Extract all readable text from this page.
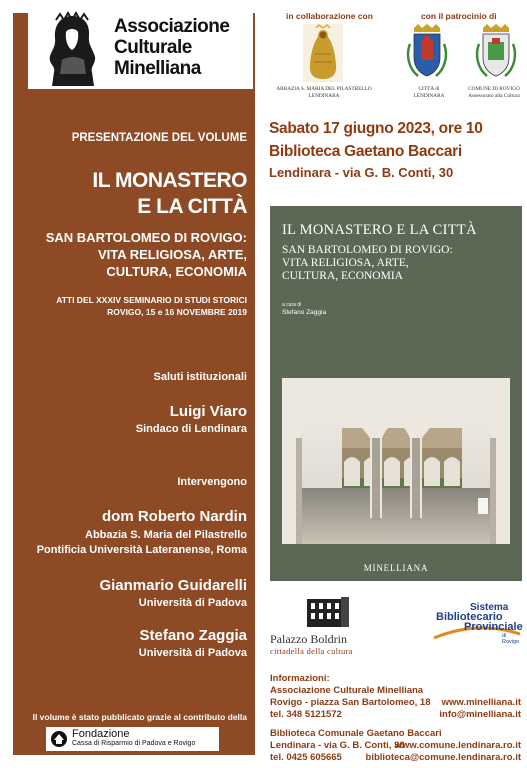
Associazione
Culturale
Minelliana
PRESENTAZIONE DEL VOLUME
IL MONASTERO
E LA CITTÀ
SAN BARTOLOMEO DI ROVIGO:
VITA RELIGIOSA, ARTE,
CULTURA, ECONOMIA
ATTI DEL XXXIV SEMINARIO DI STUDI STORICI
ROVIGO, 15 e 16 NOVEMBRE 2019
Saluti istituzionali
Luigi Viaro
Sindaco di Lendinara
Intervengono
dom Roberto Nardin
Abbazia S. Maria del Pilastrello
Pontificia Università Lateranense, Roma
Gianmario Guidarelli
Università di Padova
Stefano Zaggia
Università di Padova
Il volume è stato pubblicato grazie al contributo della
Fondazione
Cassa di Risparmio di Padova e Rovigo
in collaborazione con
ABBAZIA S. MARIA DEL PILASTRELLO LENDINARA
con il patrocinio di
CITTÀ di LENDINARA
COMUNE DI ROVIGO Assessorato alla Cultura
Sabato 17 giugno 2023, ore 10
Biblioteca Gaetano Baccari
Lendinara - via G. B. Conti, 30
IL MONASTERO E LA CITTÀ
SAN BARTOLOMEO DI ROVIGO:
VITA RELIGIOSA, ARTE,
CULTURA, ECONOMIA
a cura di
Stefano Zaggia
MINELLIANA
Palazzo Boldrin
cittadella della cultura
Sistema
Bibliotecario
Provinciale
di Rovigo
Informazioni:
Associazione Culturale Minelliana
Rovigo - piazza San Bartolomeo, 18
tel. 348 5121572
www.minelliana.it
info@minelliana.it
Biblioteca Comunale Gaetano Baccari
Lendinara - via G. B. Conti, 30
tel. 0425 605665
www.comune.lendinara.ro.it
biblioteca@comune.lendinara.ro.it
